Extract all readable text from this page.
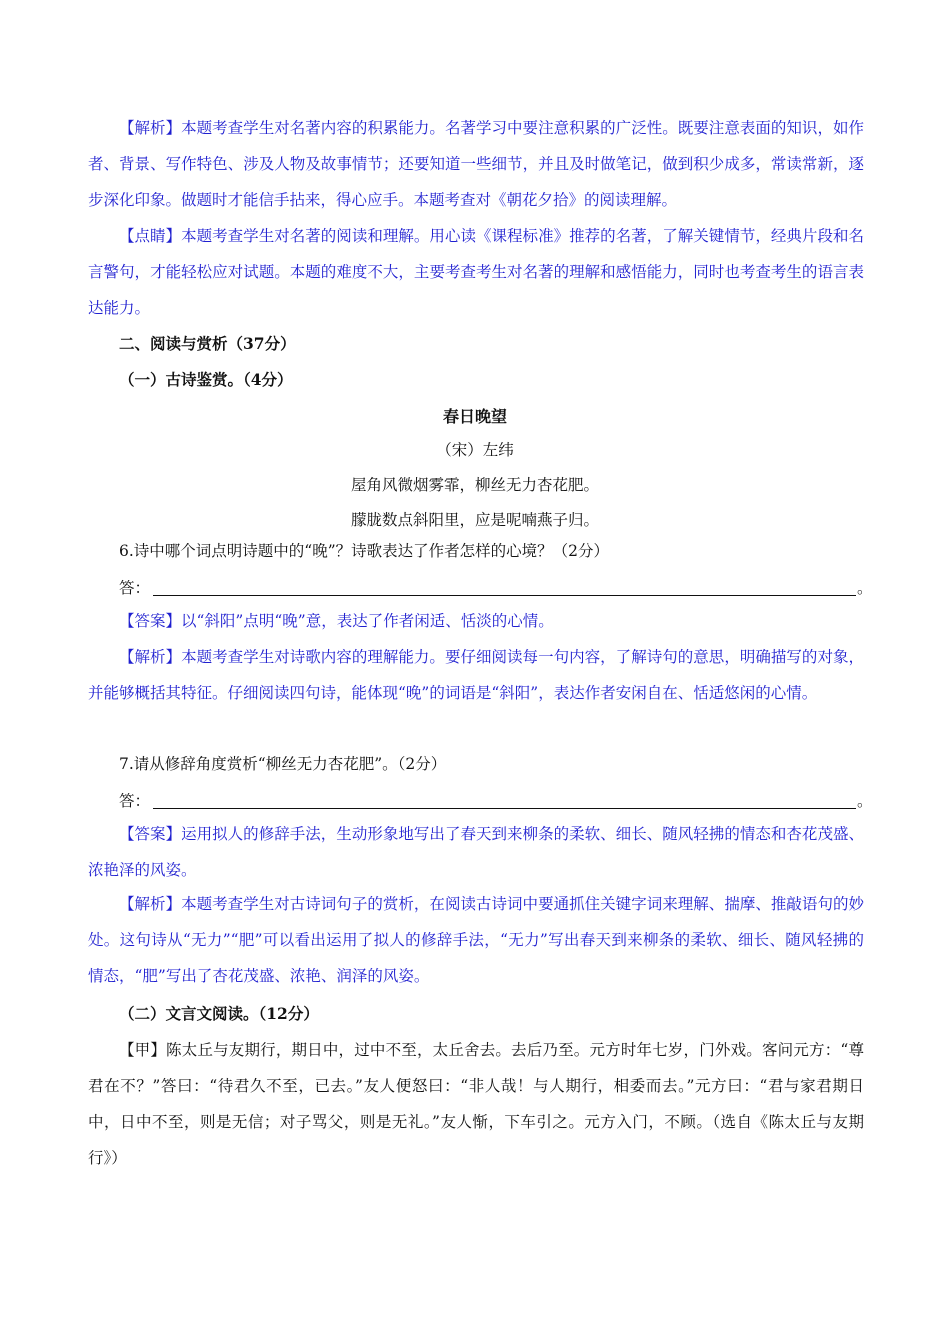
【解析】本题考查学生对名著内容的积累能力。名著学习中要注意积累的广泛性。既要注意表面的知识，如作者、背景、写作特色、涉及人物及故事情节；还要知道一些细节，并且及时做笔记，做到积少成多，常读常新，逐步深化印象。做题时才能信手拈来，得心应手。本题考查对《朝花夕拾》的阅读理解。
【点睛】本题考查学生对名著的阅读和理解。用心读《课程标准》推荐的名著，了解关键情节，经典片段和名言警句，才能轻松应对试题。本题的难度不大，主要考查考生对名著的理解和感悟能力，同时也考查考生的语言表达能力。
二、阅读与赏析（37分）
（一）古诗鉴赏。（4分）
春日晚望
（宋）左纬
屋角风微烟雾霏，柳丝无力杏花肥。
朦胧数点斜阳里，应是呢喃燕子归。
6.诗中哪个词点明诗题中的“晚”？诗歌表达了作者怎样的心境？（2分）
答：	。
【答案】以“斜阳”点明“晚”意，表达了作者闲适、恬淡的心情。
【解析】本题考查学生对诗歌内容的理解能力。要仔细阅读每一句内容，了解诗句的意思，明确描写的对象，并能够概括其特征。仔细阅读四句诗，能体现“晚”的词语是“斜阳”，表达作者安闲自在、恬适悠闲的心情。
7.请从修辞角度赏析“柳丝无力杏花肥”。（2分）
答：	。
【答案】运用拟人的修辞手法，生动形象地写出了春天到来柳条的柔软、细长、随风轻拂的情态和杏花茂盛、浓艳泽的风姿。
【解析】本题考查学生对古诗词句子的赏析，在阅读古诗词中要通抓住关键字词来理解、揣摩、推敲语句的妙处。这句诗从“无力”“肥”可以看出运用了拟人的修辞手法，“无力”写出春天到来柳条的柔软、细长、随风轻拂的情态，“肥”写出了杏花茂盛、浓艳、润泽的风姿。
（二）文言文阅读。（12分）
【甲】陈太丘与友期行，期日中，过中不至，太丘舍去。去后乃至。元方时年七岁，门外戏。客问元方：“尊君在不？”答曰：“待君久不至，已去。”友人便怒曰：“非人哉！与人期行，相委而去。”元方曰：“君与家君期日中，日中不至，则是无信；对子骂父，则是无礼。”友人惭，下车引之。元方入门，不顾。（选自《陈太丘与友期行》）
